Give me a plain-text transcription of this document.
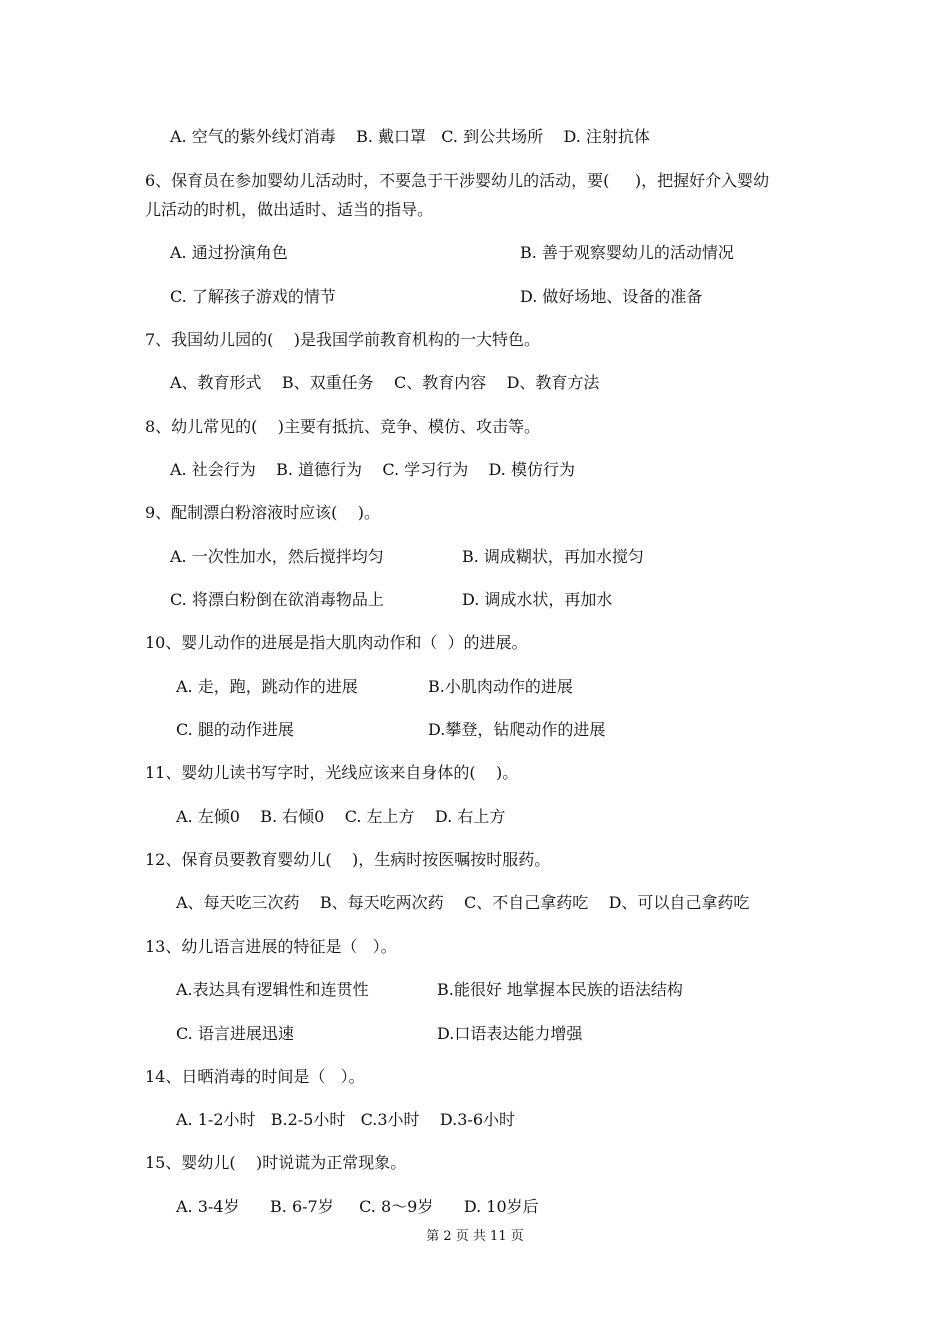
A. 空气的紫外线灯消毒    B. 戴口罩   C. 到公共场所    D. 注射抗体
6、保育员在参加婴幼儿活动时，不要急于干涉婴幼儿的活动，要(     )，把握好介入婴幼
儿活动的时机，做出适时、适当的指导。
A. 通过扮演角色	B. 善于观察婴幼儿的活动情况
C. 了解孩子游戏的情节	D. 做好场地、设备的准备
7、我国幼儿园的(    )是我国学前教育机构的一大特色。
A、教育形式    B、双重任务    C、教育内容    D、教育方法
8、幼儿常见的(    )主要有抵抗、竞争、模仿、攻击等。
A. 社会行为    B. 道德行为    C. 学习行为    D. 模仿行为
9、配制漂白粉溶液时应该(    )。
A. 一次性加水，然后搅拌均匀	B. 调成糊状，再加水搅匀
C. 将漂白粉倒在欲消毒物品上	D. 调成水状，再加水
10、婴儿动作的进展是指大肌肉动作和（  ）的进展。
A. 走，跑，跳动作的进展	B.小肌肉动作的进展
C. 腿的动作进展	D.攀登，钻爬动作的进展
11、婴幼儿读书写字时，光线应该来自身体的(    )。
A. 左倾0    B. 右倾0    C. 左上方    D. 右上方
12、保育员要教育婴幼儿(    )，生病时按医嘱按时服药。
A、每天吃三次药    B、每天吃两次药    C、不自己拿药吃    D、可以自己拿药吃
13、幼儿语言进展的特征是（   ）。
A.表达具有逻辑性和连贯性	B.能很好 地掌握本民族的语法结构
C. 语言进展迅速	D.口语表达能力增强
14、日晒消毒的时间是（   ）。
A. 1-2小时   B.2-5小时   C.3小时    D.3-6小时
15、婴幼儿(    )时说谎为正常现象。
A. 3-4岁      B. 6-7岁     C. 8～9岁      D. 10岁后
第 2 页 共 11 页
